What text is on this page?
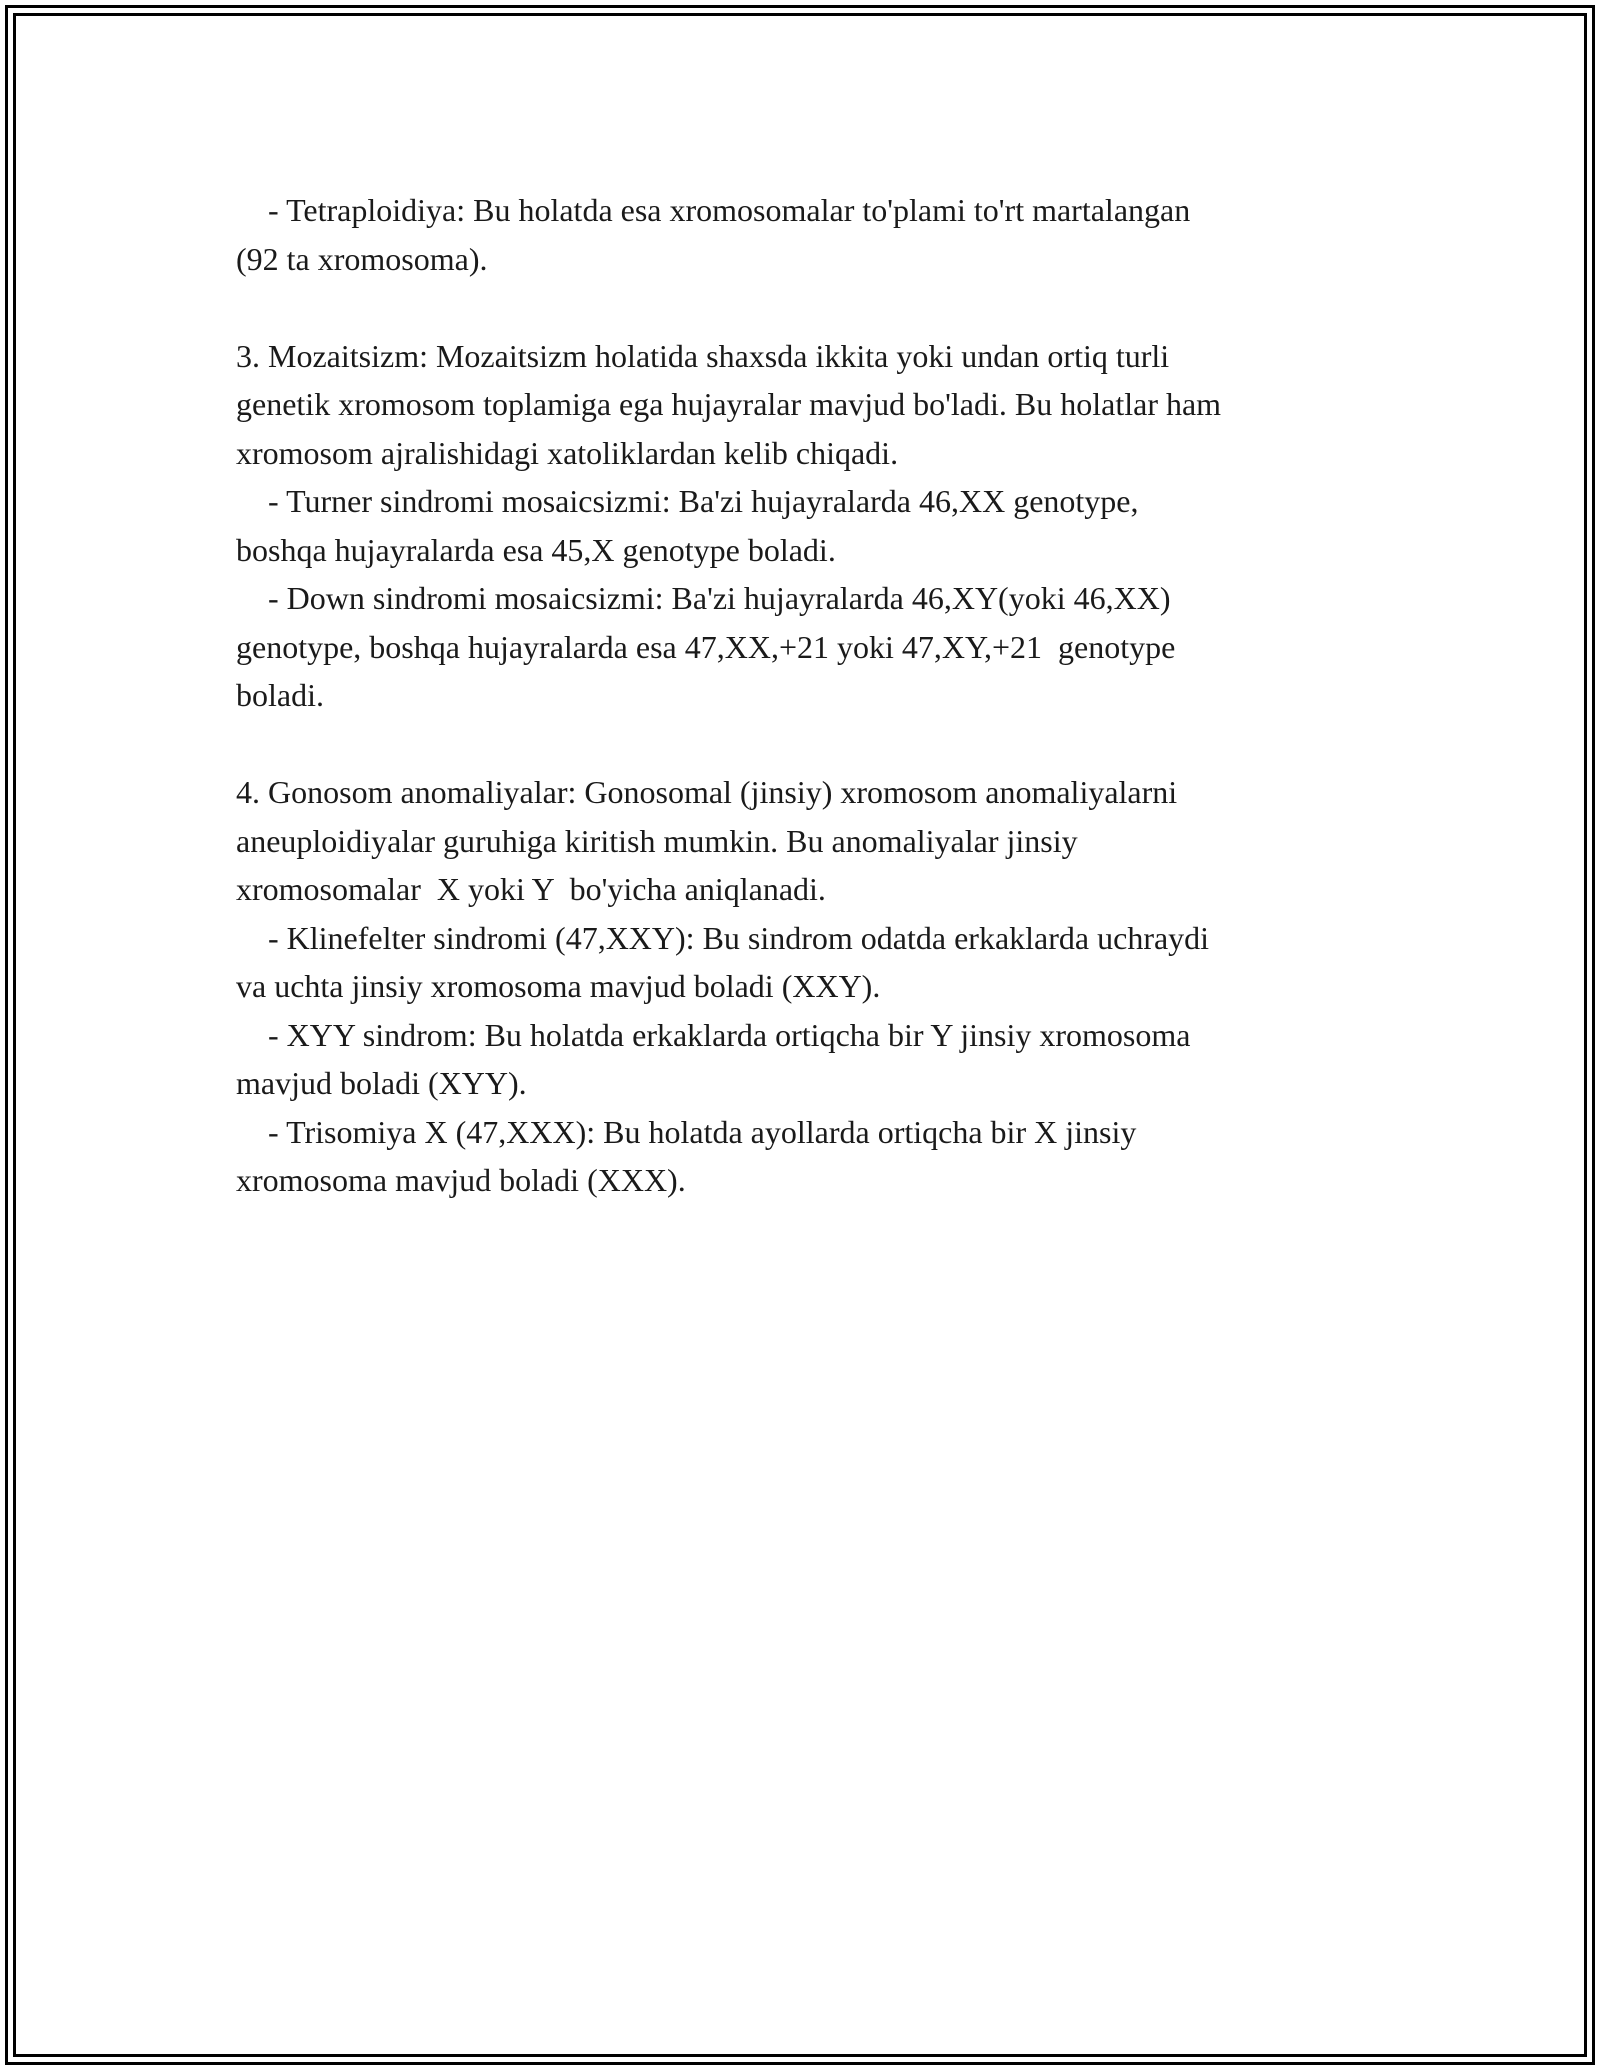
- Tetraploidiya: Bu holatda esa xromosomalar to'plami to'rt martalangan
(92 ta xromosoma).
3. Mozaitsizm: Mozaitsizm holatida shaxsda ikkita yoki undan ortiq turli
genetik xromosom toplamiga ega hujayralar mavjud bo'ladi. Bu holatlar ham
xromosom ajralishidagi xatoliklardan kelib chiqadi.
- Turner sindromi mosaicsizmi: Ba'zi hujayralarda 46,XX genotype,
boshqa hujayralarda esa 45,X genotype boladi.
- Down sindromi mosaicsizmi: Ba'zi hujayralarda 46,XY(yoki 46,XX)
genotype, boshqa hujayralarda esa 47,XX,+21 yoki 47,XY,+21  genotype
boladi.
4. Gonosom anomaliyalar: Gonosomal (jinsiy) xromosom anomaliyalarni
aneuploidiyalar guruhiga kiritish mumkin. Bu anomaliyalar jinsiy
xromosomalar  X yoki Y  bo'yicha aniqlanadi.
- Klinefelter sindromi (47,XXY): Bu sindrom odatda erkaklarda uchraydi
va uchta jinsiy xromosoma mavjud boladi (XXY).
- XYY sindrom: Bu holatda erkaklarda ortiqcha bir Y jinsiy xromosoma
mavjud boladi (XYY).
- Trisomiya X (47,XXX): Bu holatda ayollarda ortiqcha bir X jinsiy
xromosoma mavjud boladi (XXX).
